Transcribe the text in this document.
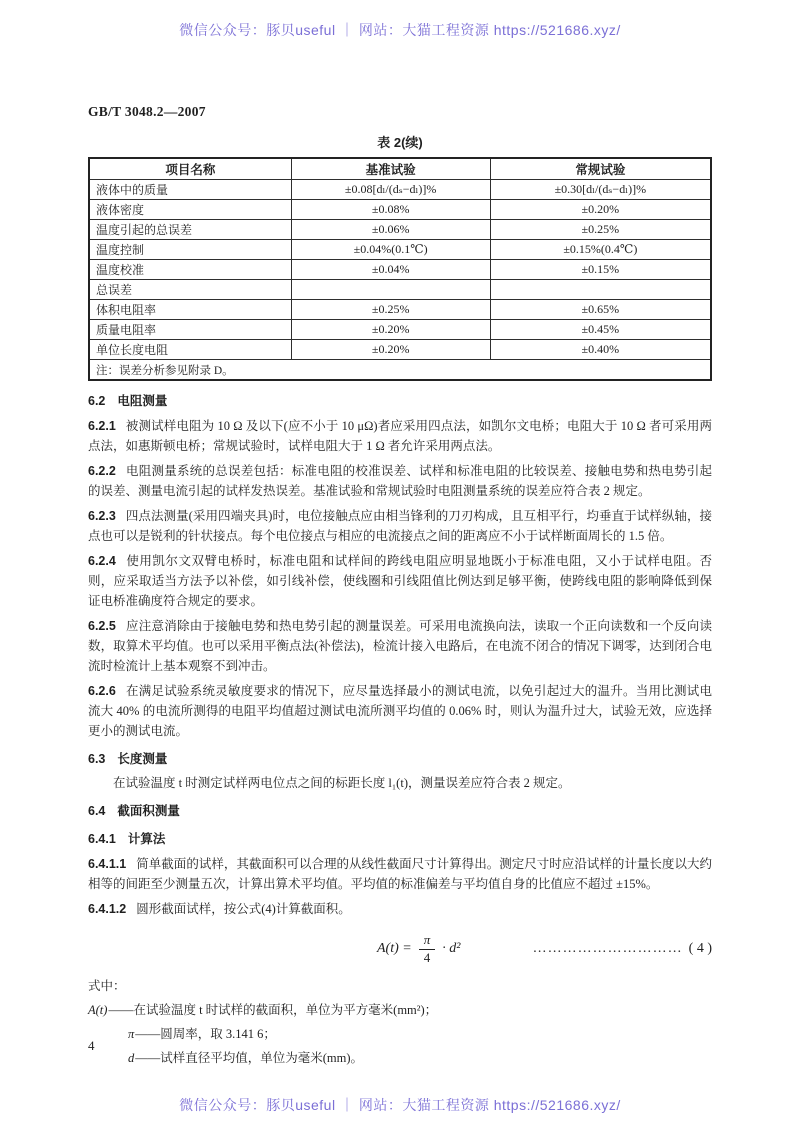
微信公众号：豚贝useful ｜ 网站：大猫工程资源 https://521686.xyz/
GB/T 3048.2—2007
表 2(续)
项目名称	基准试验	常规试验
液体中的质量	±0.08[dₗ/(dₛ−dₗ)]%	±0.30[dₗ/(dₛ−dₗ)]%
液体密度	±0.08%	±0.20%
温度引起的总误差	±0.06%	±0.25%
温度控制	±0.04%(0.1℃)	±0.15%(0.4℃)
温度校准	±0.04%	±0.15%
总误差		
体积电阻率	±0.25%	±0.65%
质量电阻率	±0.20%	±0.45%
单位长度电阻	±0.20%	±0.40%
注：误差分析参见附录 D。		

6.2 电阻测量

6.2.1 被测试样电阻为 10 Ω 及以下(应不小于 10 μΩ)者应采用四点法，如凯尔文电桥；电阻大于 10 Ω 者可采用两点法，如惠斯顿电桥；常规试验时，试样电阻大于 1 Ω 者允许采用两点法。

6.2.2 电阻测量系统的总误差包括：标准电阻的校准误差、试样和标准电阻的比较误差、接触电势和热电势引起的误差、测量电流引起的试样发热误差。基准试验和常规试验时电阻测量系统的误差应符合表 2 规定。

6.2.3 四点法测量(采用四端夹具)时，电位接触点应由相当锋利的刀刃构成，且互相平行，均垂直于试样纵轴，接点也可以是锐利的针状接点。每个电位接点与相应的电流接点之间的距离应不小于试样断面周长的 1.5 倍。

6.2.4 使用凯尔文双臂电桥时，标准电阻和试样间的跨线电阻应明显地既小于标准电阻，又小于试样电阻。否则，应采取适当方法予以补偿，如引线补偿，使线圈和引线阻值比例达到足够平衡，使跨线电阻的影响降低到保证电桥准确度符合规定的要求。

6.2.5 应注意消除由于接触电势和热电势引起的测量误差。可采用电流换向法，读取一个正向读数和一个反向读数，取算术平均值。也可以采用平衡点法(补偿法)，检流计接入电路后，在电流不闭合的情况下调零，达到闭合电流时检流计上基本观察不到冲击。

6.2.6 在满足试验系统灵敏度要求的情况下，应尽量选择最小的测试电流，以免引起过大的温升。当用比测试电流大 40% 的电流所测得的电阻平均值超过测试电流所测平均值的 0.06% 时，则认为温升过大，试验无效，应选择更小的测试电流。

6.3 长度测量

在试验温度 t 时测定试样两电位点之间的标距长度 l₁(t)，测量误差应符合表 2 规定。

6.4 截面积测量

6.4.1 计算法

6.4.1.1 简单截面的试样，其截面积可以合理的从线性截面尺寸计算得出。测定尺寸时应沿试样的计量长度以大约相等的间距至少测量五次，计算出算术平均值。平均值的标准偏差与平均值自身的比值应不超过 ±15%。

6.4.1.2 圆形截面试样，按公式(4)计算截面积。

$A(t) = \frac{\pi}{4} \cdot d^2$	………………………… ( 4 )

式中：

A(t)——在试验温度 t 时试样的截面积，单位为平方毫米(mm²)；

π——圆周率，取 3.141 6；

d——试样直径平均值，单位为毫米(mm)。

4
微信公众号：豚贝useful ｜ 网站：大猫工程资源 https://521686.xyz/
